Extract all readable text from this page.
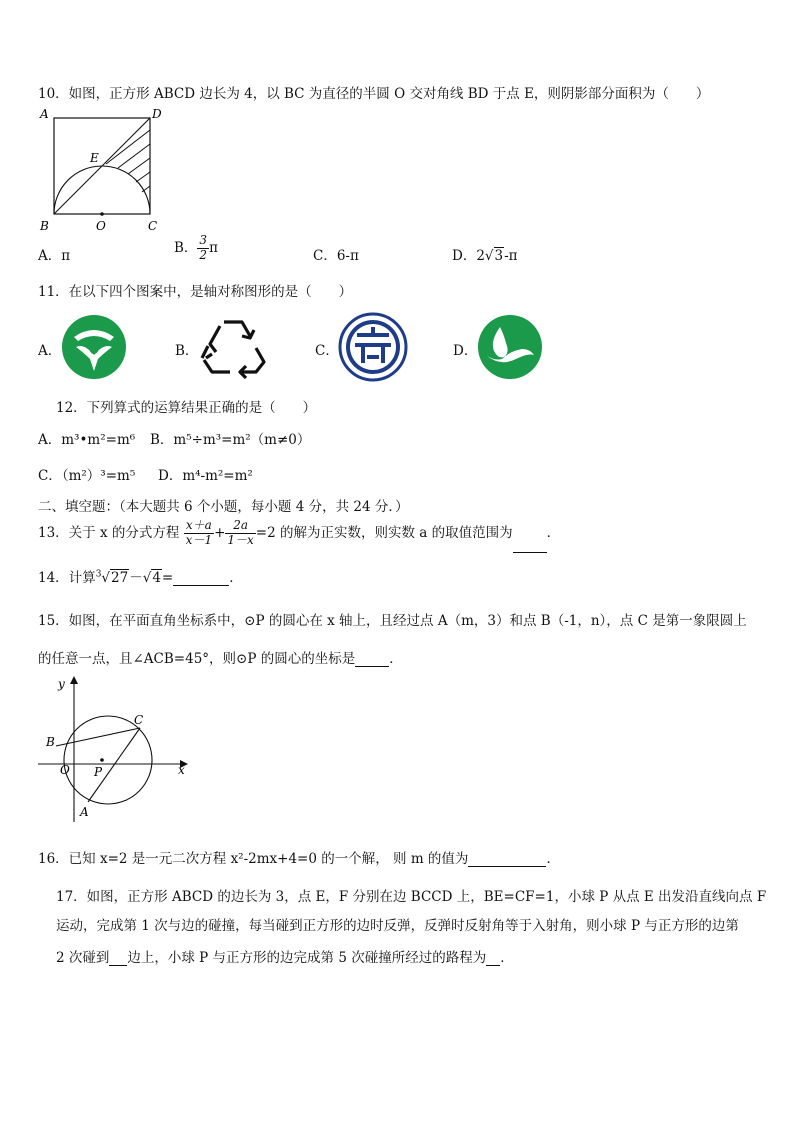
10．如图，正方形 ABCD 边长为 4，以 BC 为直径的半圆 O 交对角线 BD 于点 E，则阴影部分面积为（　　）
A	D
E
B	O	C
A．π
B． $\frac{3}{2}$ π
C．6-π	D．2√3-π
11．在以下四个图案中，是轴对称图形的是（　　）
A．	B．	C．	D．
12．下列算式的运算结果正确的是（　　）
A．m³•m²=m⁶ B．m⁵÷m³=m²（m≠0）
C．（m²）³=m⁵ D．m⁴-m²=m²
二、填空题：（本大题共 6 个小题，每小题 4 分，共 24 分．）
13．关于 x 的分式方程 $\frac{x+a}{x-1} + \frac{2a}{1-x} =2$ 的解为正实数，则实数 a 的取值范围为	．
14．计算$^3$√27－√4=	．
15．如图，在平面直角坐标系中，⊙P 的圆心在 x 轴上，且经过点 A（m，3）和点 B（-1，n），点 C 是第一象限圆上
的任意一点，且∠ACB=45°，则⊙P 的圆心的坐标是	．
y
x
B
C
O P
A
16．已知 x=2 是一元二次方程 x²-2mx+4=0 的一个解， 则 m 的值为	．
17．如图，正方形 ABCD 的边长为 3，点 E，F 分别在边 BCCD 上，BE=CF=1，小球 P 从点 E 出发沿直线向点 F
运动，完成第 1 次与边的碰撞，每当碰到正方形的边时反弹，反弹时反射角等于入射角，则小球 P 与正方形的边第
2 次碰到 边上，小球 P 与正方形的边完成第 5 次碰撞所经过的路程为 ．
